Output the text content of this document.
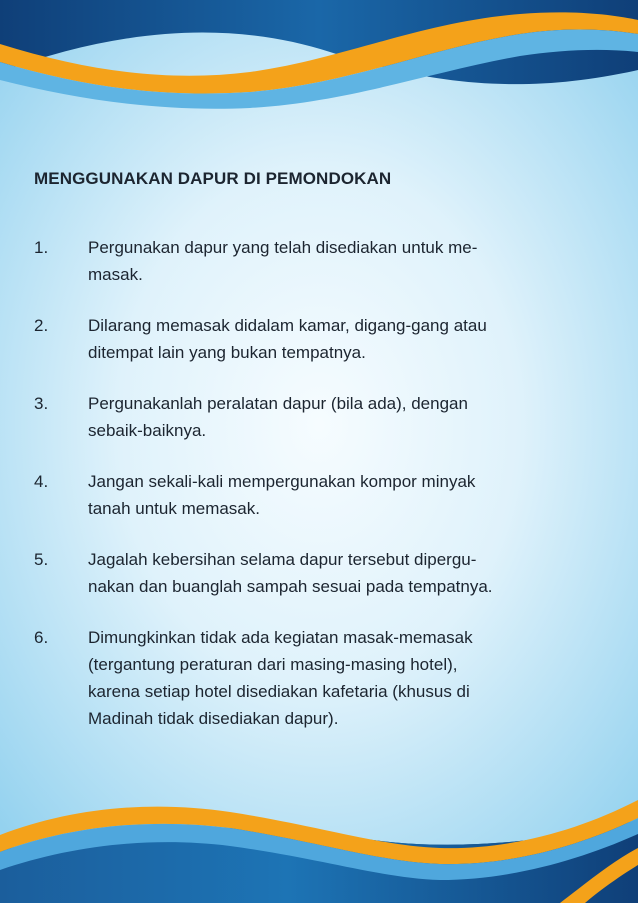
MENGGUNAKAN DAPUR DI PEMONDOKAN
1.	Pergunakan dapur yang telah disediakan untuk me-
masak.
2.	Dilarang memasak didalam kamar, digang-gang atau
ditempat lain yang bukan tempatnya.
3.	Pergunakanlah peralatan dapur (bila ada), dengan
sebaik-baiknya.
4.	Jangan sekali-kali mempergunakan kompor minyak
tanah untuk memasak.
5.	Jagalah kebersihan selama dapur tersebut dipergu-
nakan dan buanglah sampah sesuai pada tempatnya.
6.	Dimungkinkan tidak ada kegiatan masak-memasak
(tergantung peraturan dari masing-masing hotel),
karena setiap hotel disediakan kafetaria (khusus di
Madinah tidak disediakan dapur).
